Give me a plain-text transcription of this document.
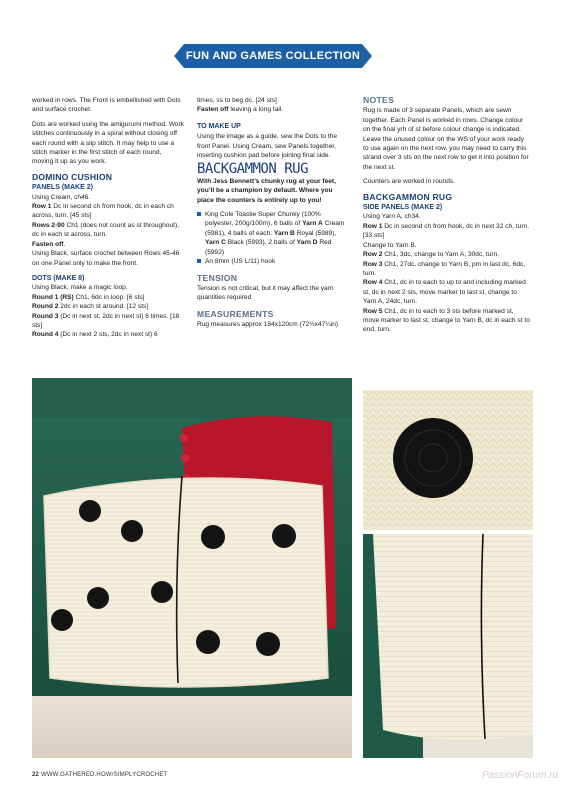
FUN AND GAMES COLLECTION

worked in rows. The Front is embellished with Dots and surface crochet.

Dots are worked using the amigurumi method. Work stitches continuously in a spiral without closing off each round with a slip stitch. It may help to use a stitch marker in the first stitch of each round, moving it up as you work.

DOMINO CUSHION
PANELS (MAKE 2)
Using Cream, ch46.
Row 1 Dc in second ch from hook, dc in each ch across, turn. [45 sts]
Rows 2-90 Ch1 (does not count as st throughout), dc in each st across, turn.
Fasten off.

Using Black, surface crochet between Rows 45-46 on one Panel only to make the front.

DOTS (MAKE 8)
Using Black, make a magic loop.
Round 1 (RS) Ch1, 6dc in loop. [6 sts]
Round 2 2dc in each st around. [12 sts]
Round 3 (Dc in next st, 2dc in next st) 6 times. [18 sts]
Round 4 (Dc in next 2 sts, 2dc in next st) 6
times, ss to beg dc. [24 sts]
Fasten off leaving a long tail.
TO MAKE UP

Using the image as a guide, sew the Dots to the front Panel. Using Cream, sew Panels together, inserting cushion pad before joining final side.

BACKGAMMON RUG

With Jess Bennett’s chunky rug at your feet, you’ll be a champion by default. Where you place the counters is entirely up to you!

King Cole Toastie Super Chunky (100% polyester, 200g/100m), 6 balls of Yarn A Cream (5981), 4 balls of each: Yarn B Royal (5989), Yarn C Black (5993), 2 balls of Yarn D Red (5992)
An 8mm (US L/11) hook
TENSION

Tension is not critical, but it may affect the yarn quantities required

MEASUREMENTS

Rug measures approx 184x120cm (72½x47¼in)

NOTES

Rug is made of 3 separate Panels, which are sewn together. Each Panel is worked in rows. Change colour on the final yrh of st before colour change is indicated. Leave the unused colour on the WS of your work ready to use again on the next row, you may need to carry this strand over 3 sts on the next row to get it into position for the next st.

Counters are worked in rounds.

BACKGAMMON RUG
SIDE PANELS (MAKE 2)
Using Yarn A, ch34.
Row 1 Dc in second ch from hook, dc in next 32 ch, turn. [33 sts]
Change to Yarn B.
Row 2 Ch1, 3dc, change to Yarn A, 30dc, turn.
Row 3 Ch1, 27dc, change to Yarn B, pm in last dc, 6dc, turn.
Row 4 Ch1, dc in to each to up to and including marked st, dc in next 2 sts, move marker to last st, change to Yarn A, 24dc, turn.
Row 5 Ch1, dc in to each to 3 sts before marked st, move marker to last st, change to Yarn B, dc in each st to end, turn.
22 WWW.GATHERED.HOW/SIMPLYCROCHET	PassionForum.ru
